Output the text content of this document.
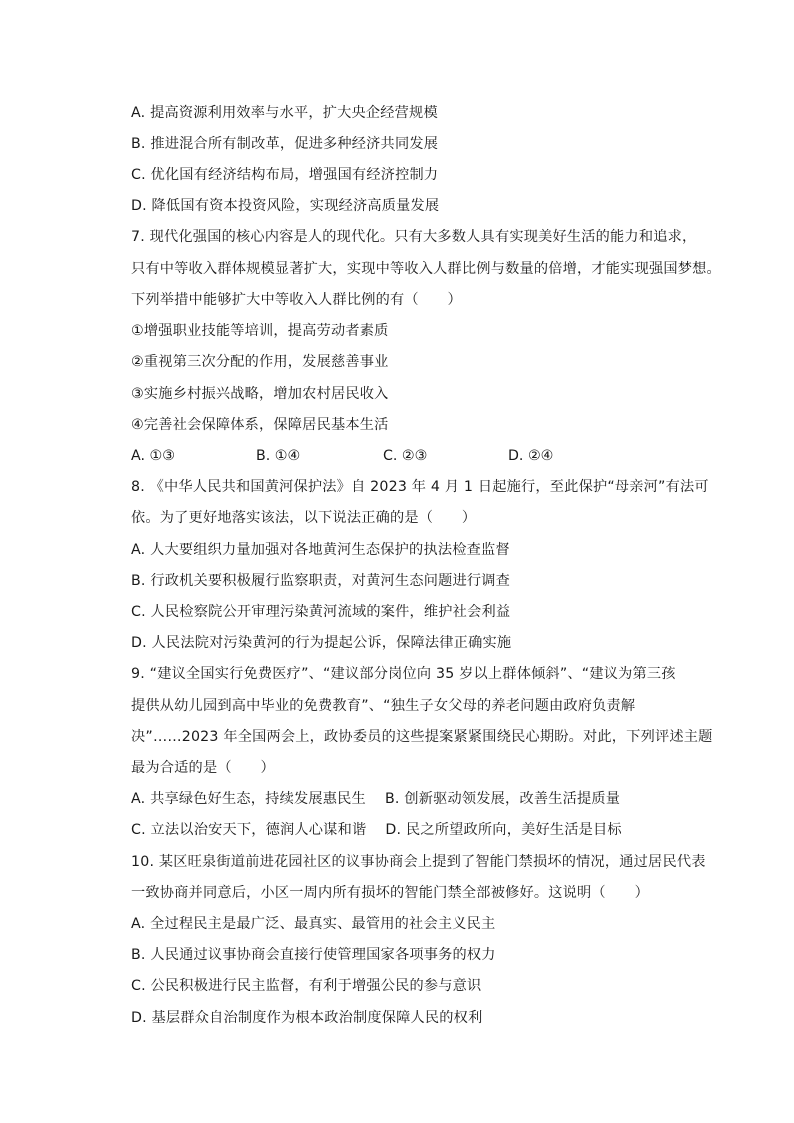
A. 提高资源利用效率与水平，扩大央企经营规模
B. 推进混合所有制改革，促进多种经济共同发展
C. 优化国有经济结构布局，增强国有经济控制力
D. 降低国有资本投资风险，实现经济高质量发展
7. 现代化强国的核心内容是人的现代化。只有大多数人具有实现美好生活的能力和追求，
只有中等收入群体规模显著扩大，实现中等收入人群比例与数量的倍增，才能实现强国梦想。
下列举措中能够扩大中等收入人群比例的有（　　）
①增强职业技能等培训，提高劳动者素质
②重视第三次分配的作用，发展慈善事业
③实施乡村振兴战略，增加农村居民收入
④完善社会保障体系，保障居民基本生活
A. ①③	B. ①④	C. ②③	D. ②④
8. 《中华人民共和国黄河保护法》自 2023 年 4 月 1 日起施行，至此保护“母亲河”有法可
依。为了更好地落实该法，以下说法正确的是（　　）
A. 人大要组织力量加强对各地黄河生态保护的执法检查监督
B. 行政机关要积极履行监察职责，对黄河生态问题进行调查
C. 人民检察院公开审理污染黄河流域的案件，维护社会利益
D. 人民法院对污染黄河的行为提起公诉，保障法律正确实施
9. “建议全国实行免费医疗”、“建议部分岗位向 35 岁以上群体倾斜”、“建议为第三孩
提供从幼儿园到高中毕业的免费教育”、“独生子女父母的养老问题由政府负责解
决”……2023 年全国两会上，政协委员的这些提案紧紧围绕民心期盼。对此，下列评述主题
最为合适的是（　　）
A. 共享绿色好生态，持续发展惠民生　 B. 创新驱动领发展，改善生活提质量
C. 立法以治安天下，德润人心谋和谐　 D. 民之所望政所向，美好生活是目标
10. 某区旺泉街道前进花园社区的议事协商会上提到了智能门禁损坏的情况，通过居民代表
一致协商并同意后，小区一周内所有损坏的智能门禁全部被修好。这说明（　　）
A. 全过程民主是最广泛、最真实、最管用的社会主义民主
B. 人民通过议事协商会直接行使管理国家各项事务的权力
C. 公民积极进行民主监督，有利于增强公民的参与意识
D. 基层群众自治制度作为根本政治制度保障人民的权利
